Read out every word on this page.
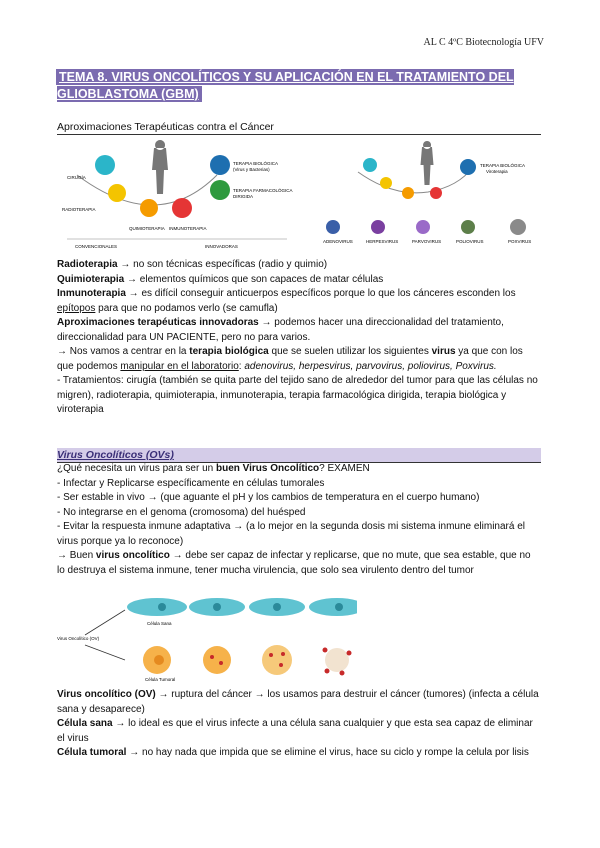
AL C 4ºC Biotecnología UFV
TEMA 8. VIRUS ONCOLÍTICOS Y SU APLICACIÓN EN EL TRATAMIENTO DEL GLIOBLASTOMA (GBM)
Aproximaciones Terapéuticas contra el Cáncer
CIRUGÍA
RADIOTERAPIA
QUIMIOTERAPIA INMUNOTERAPIA
TERAPIA BIOLÓGICA
(Virus y Bacterias)
TERAPIA FARMACOLÓGICA
DIRIGIDA
CONVENCIONALES	INNOVADORAS
TERAPIA BIOLÓGICA
Viroterapia
ADENOVIRUS	HERPESVIRUS	PARVOVIRUS	POLIOVIRUS	POXVIRUS

Radioterapia → no son técnicas específicas (radio y quimio)

Quimioterapia → elementos químicos que son capaces de matar células

Inmunoterapia → es difícil conseguir anticuerpos específicos porque lo que los cánceres esconden los epítopos para que no podamos verlo (se camufla)

Aproximaciones terapéuticas innovadoras → podemos hacer una direccionalidad del tratamiento, direccionalidad para UN PACIENTE, pero no para varios.

→ Nos vamos a centrar en la terapia biológica que se suelen utilizar los siguientes virus ya que con los que podemos manipular en el laboratorio: adenovirus, herpesvirus, parvovirus, poliovirus, Poxvirus.

- Tratamientos: cirugía (también se quita parte del tejido sano de alrededor del tumor para que las células no migren), radioterapia, quimioterapia, inmunoterapia, terapia farmacológica dirigida, terapia biológica y viroterapia

Virus Oncolíticos (OVs)

¿Qué necesita un virus para ser un buen Virus Oncolítico? EXAMEN

- Infectar y Replicarse específicamente en células tumorales

- Ser estable in vivo → (que aguante el pH y los cambios de temperatura en el cuerpo humano)

- No integrarse en el genoma (cromosoma) del huésped

- Evitar la respuesta inmune adaptativa → (a lo mejor en la segunda dosis mi sistema inmune eliminará el virus porque ya lo reconoce)

→ Buen virus oncolítico → debe ser capaz de infectar y replicarse, que no mute, que sea estable, que no lo destruya el sistema inmune, tener mucha virulencia, que solo sea virulento dentro del tumor

Virus Oncolítico (OV)
Célula Sana
Célula Tumoral

Virus oncolítico (OV) → ruptura del cáncer → los usamos para destruir el cáncer (tumores) (infecta a célula sana y desaparece)

Célula sana → lo ideal es que el virus infecte a una célula sana cualquier y que esta sea capaz de eliminar el virus

Célula tumoral → no hay nada que impida que se elimine el virus, hace su ciclo y rompe la celula por lisis
